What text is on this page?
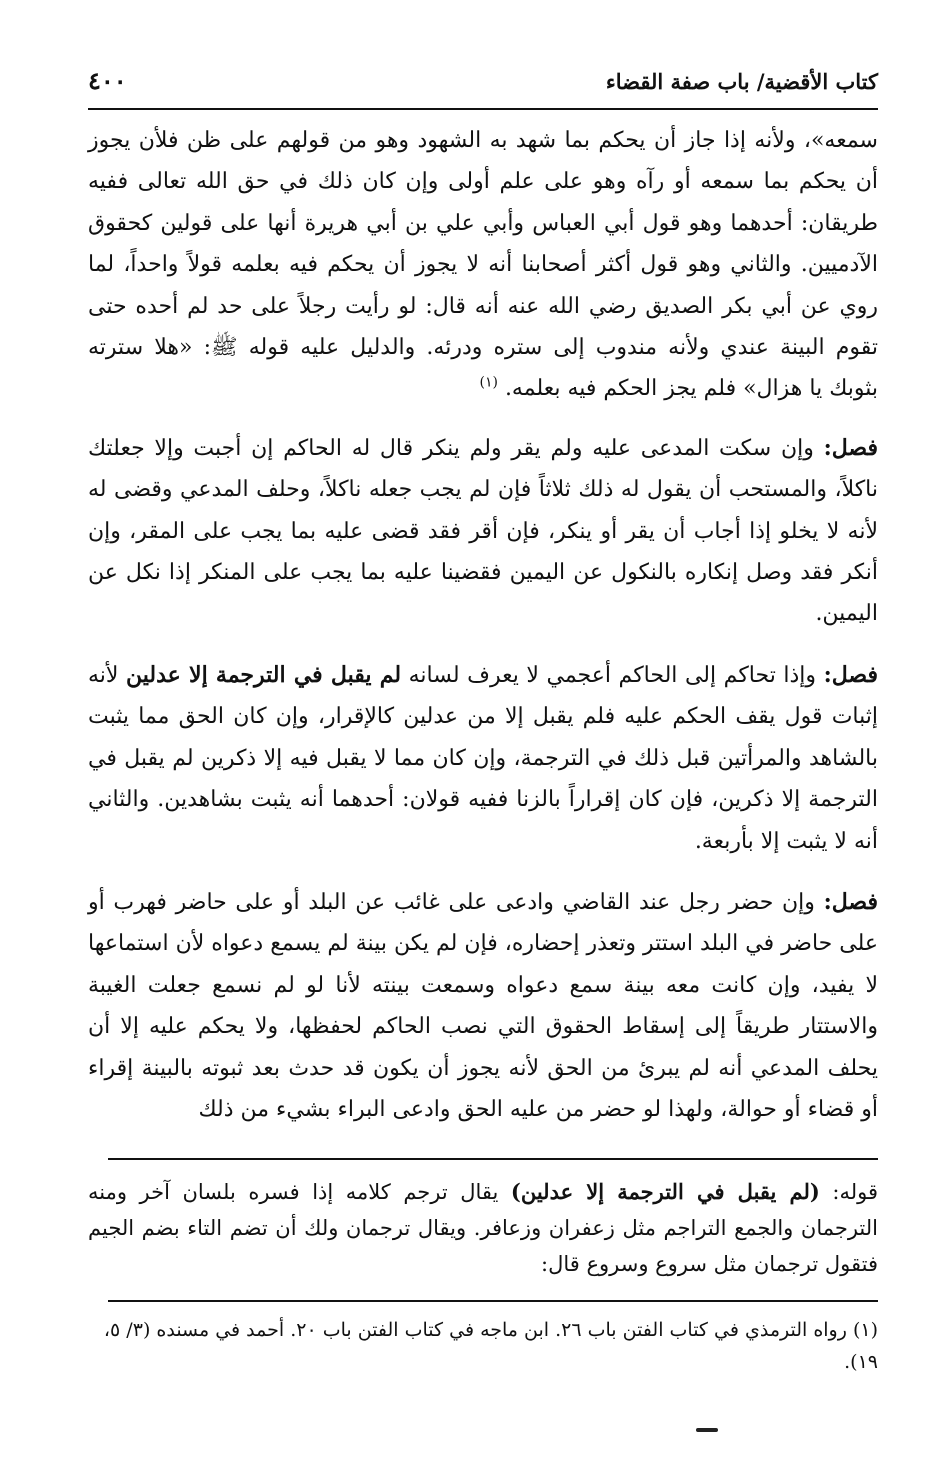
كتاب الأقضية/ باب صفة القضاء
٤٠٠

سمعه»، ولأنه إذا جاز أن يحكم بما شهد به الشهود وهو من قولهم على ظن فلأن يجوز أن يحكم بما سمعه أو رآه وهو على علم أولى وإن كان ذلك في حق الله تعالى ففيه طريقان: أحدهما وهو قول أبي العباس وأبي علي بن أبي هريرة أنها على قولين كحقوق الآدميين. والثاني وهو قول أكثر أصحابنا أنه لا يجوز أن يحكم فيه بعلمه قولاً واحداً، لما روي عن أبي بكر الصديق رضي الله عنه أنه قال: لو رأيت رجلاً على حد لم أحده حتى تقوم البينة عندي ولأنه مندوب إلى ستره ودرئه. والدليل عليه قوله ﷺ: «هلا سترته بثوبك يا هزال» فلم يجز الحكم فيه بعلمه. $^{(١)}$

فصل: وإن سكت المدعى عليه ولم يقر ولم ينكر قال له الحاكم إن أجبت وإلا جعلتك ناكلاً، والمستحب أن يقول له ذلك ثلاثاً فإن لم يجب جعله ناكلاً، وحلف المدعي وقضى له لأنه لا يخلو إذا أجاب أن يقر أو ينكر، فإن أقر فقد قضى عليه بما يجب على المقر، وإن أنكر فقد وصل إنكاره بالنكول عن اليمين فقضينا عليه بما يجب على المنكر إذا نكل عن اليمين.

فصل: وإذا تحاكم إلى الحاكم أعجمي لا يعرف لسانه لم يقبل في الترجمة إلا عدلين لأنه إثبات قول يقف الحكم عليه فلم يقبل إلا من عدلين كالإقرار، وإن كان الحق مما يثبت بالشاهد والمرأتين قبل ذلك في الترجمة، وإن كان مما لا يقبل فيه إلا ذكرين لم يقبل في الترجمة إلا ذكرين، فإن كان إقراراً بالزنا ففيه قولان: أحدهما أنه يثبت بشاهدين. والثاني أنه لا يثبت إلا بأربعة.

فصل: وإن حضر رجل عند القاضي وادعى على غائب عن البلد أو على حاضر فهرب أو على حاضر في البلد استتر وتعذر إحضاره، فإن لم يكن بينة لم يسمع دعواه لأن استماعها لا يفيد، وإن كانت معه بينة سمع دعواه وسمعت بينته لأنا لو لم نسمع جعلت الغيبة والاستتار طريقاً إلى إسقاط الحقوق التي نصب الحاكم لحفظها، ولا يحكم عليه إلا أن يحلف المدعي أنه لم يبرئ من الحق لأنه يجوز أن يكون قد حدث بعد ثبوته بالبينة إقراء أو قضاء أو حوالة، ولهذا لو حضر من عليه الحق وادعى البراء بشيء من ذلك

قوله: (لم يقبل في الترجمة إلا عدلين) يقال ترجم كلامه إذا فسره بلسان آخر ومنه الترجمان والجمع التراجم مثل زعفران وزعافر. ويقال ترجمان ولك أن تضم التاء بضم الجيم فتقول ترجمان مثل سروع وسروع قال:

(١) رواه الترمذي في كتاب الفتن باب ٢٦. ابن ماجه في كتاب الفتن باب ٢٠. أحمد في مسنده (٣/ ٥، ١٩).
